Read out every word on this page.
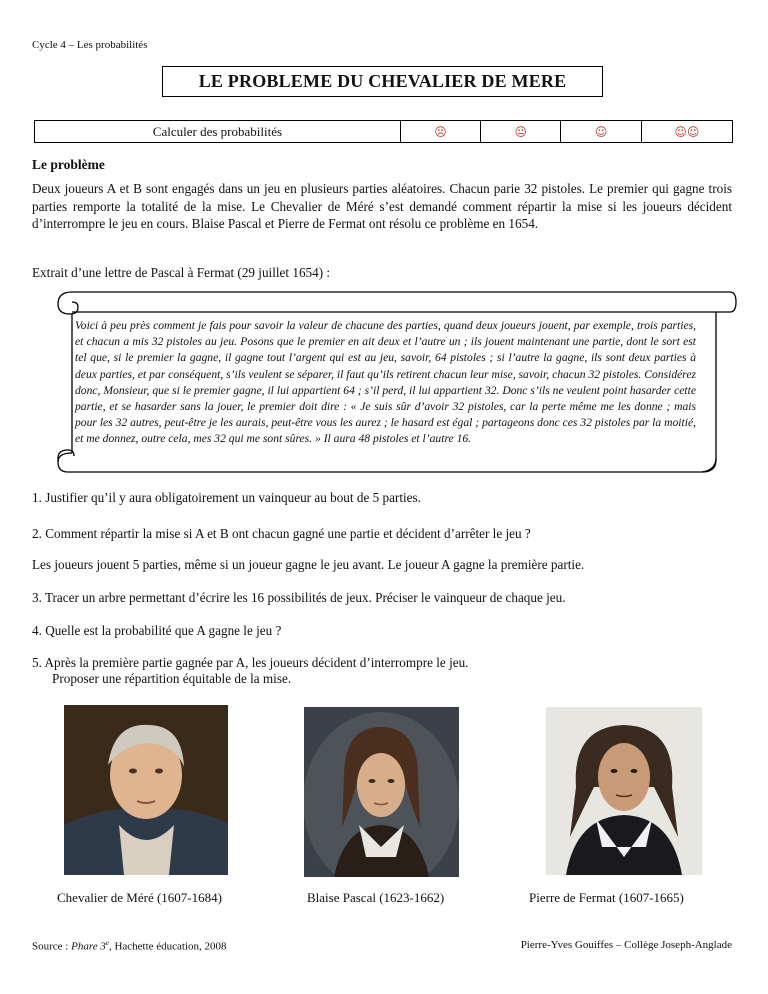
Cycle 4 – Les probabilités
LE PROBLEME DU CHEVALIER DE MERE
Calculer des probabilités	☹	😐	☺	☺☺
Le problème
Deux joueurs A et B sont engagés dans un jeu en plusieurs parties aléatoires. Chacun parie 32 pistoles. Le premier qui gagne trois parties remporte la totalité de la mise. Le Chevalier de Méré s’est demandé comment répartir la mise si les joueurs décident d’interrompre le jeu en cours. Blaise Pascal et Pierre de Fermat ont résolu ce problème en 1654.
Extrait d’une lettre de Pascal à Fermat (29 juillet 1654) :
Voici à peu près comment je fais pour savoir la valeur de chacune des parties, quand deux joueurs jouent, par exemple, trois parties, et chacun a mis 32 pistoles au jeu. Posons que le premier en ait deux et l’autre un ; ils jouent maintenant une partie, dont le sort est tel que, si le premier la gagne, il gagne tout l’argent qui est au jeu, savoir, 64 pistoles ; si l’autre la gagne, ils sont deux parties à deux parties, et par conséquent, s’ils veulent se séparer, il faut qu’ils retirent chacun leur mise, savoir, chacun 32 pistoles. Considérez donc, Monsieur, que si le premier gagne, il lui appartient 64 ; s’il perd, il lui appartient 32. Donc s’ils ne veulent point hasarder cette partie, et se hasarder sans la jouer, le premier doit dire : « Je suis sûr d’avoir 32 pistoles, car la perte même me les donne ; mais pour les 32 autres, peut-être je les aurais, peut-être vous les aurez ; le hasard est égal ; partageons donc ces 32 pistoles par la moitié, et me donnez, outre cela, mes 32 qui me sont sûres. » Il aura 48 pistoles et l’autre 16.
1. Justifier qu’il y aura obligatoirement un vainqueur au bout de 5 parties.
2. Comment répartir la mise si A et B ont chacun gagné une partie et décident d’arrêter le jeu ?
Les joueurs jouent 5 parties, même si un joueur gagne le jeu avant. Le joueur A gagne la première partie.
3. Tracer un arbre permettant d’écrire les 16 possibilités de jeux. Préciser le vainqueur de chaque jeu.
4. Quelle est la probabilité que A gagne le jeu ?
5. Après la première partie gagnée par A, les joueurs décident d’interrompre le jeu.
Proposer une répartition équitable de la mise.
Chevalier de Méré (1607-1684)	Blaise Pascal (1623-1662)	Pierre de Fermat (1607-1665)
Source : Phare 3e, Hachette éducation, 2008	Pierre-Yves Gouiffes – Collège Joseph-Anglade
